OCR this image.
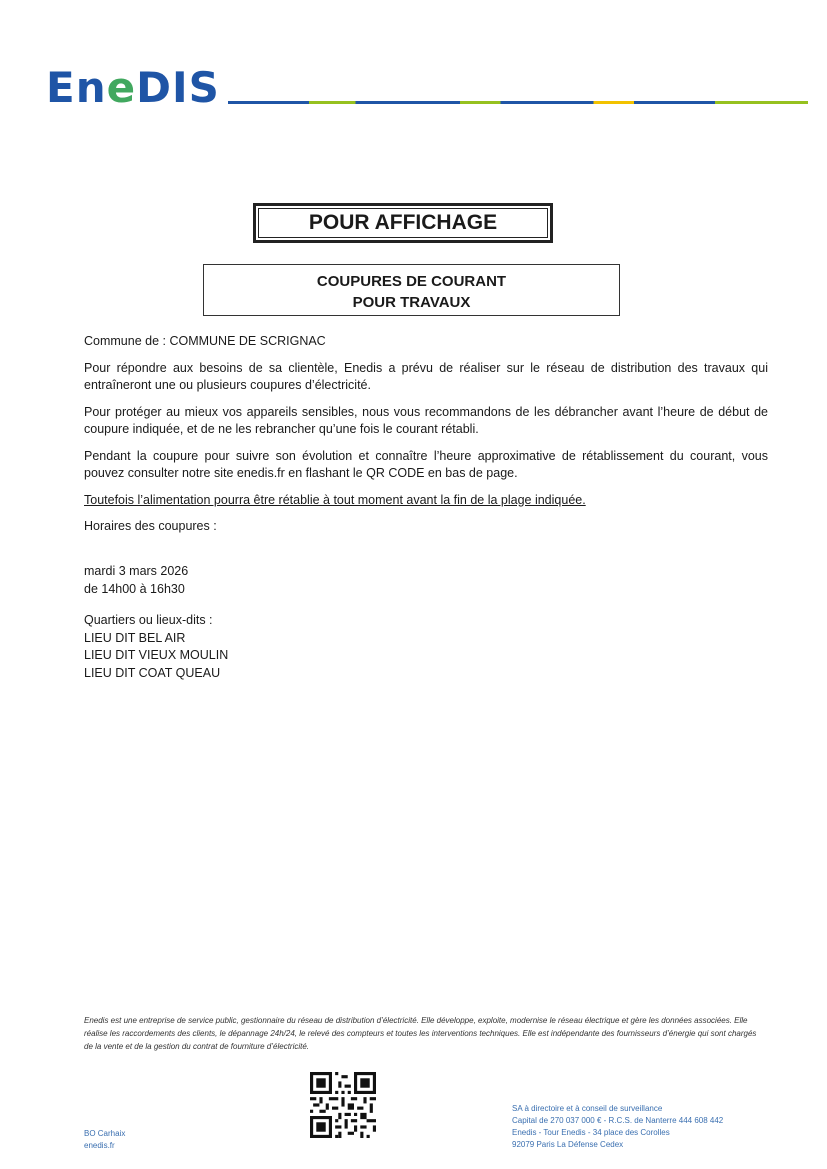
EneDIS
POUR AFFICHAGE
COUPURES DE COURANT
POUR TRAVAUX

Commune de : COMMUNE DE SCRIGNAC

Pour répondre aux besoins de sa clientèle, Enedis a prévu de réaliser sur le réseau de distribution des travaux qui entraîneront une ou plusieurs coupures d’électricité.

Pour protéger au mieux vos appareils sensibles, nous vous recommandons de les débrancher avant l’heure de début de coupure indiquée, et de ne les rebrancher qu’une fois le courant rétabli.

Pendant la coupure pour suivre son évolution et connaître l’heure approximative de rétablissement du courant, vous pouvez consulter notre site enedis.fr en flashant le QR CODE en bas de page.

Toutefois l’alimentation pourra être rétablie à tout moment avant la fin de la plage indiquée.

Horaires des coupures :

mardi 3 mars 2026
de 14h00 à 16h30
Quartiers ou lieux-dits :
LIEU DIT BEL AIR
LIEU DIT VIEUX MOULIN
LIEU DIT COAT QUEAU
Enedis est une entreprise de service public, gestionnaire du réseau de distribution d’électricité. Elle développe, exploite, modernise le réseau électrique et gère les données associées. Elle réalise les raccordements des clients, le dépannage 24h/24, le relevé des compteurs et toutes les interventions techniques. Elle est indépendante des fournisseurs d’énergie qui sont chargés de la vente et de la gestion du contrat de fourniture d’électricité.
BO Carhaix
enedis.fr
SA à directoire et à conseil de surveillance
Capital de 270 037 000 € - R.C.S. de Nanterre 444 608 442
Enedis - Tour Enedis - 34 place des Corolles
92079 Paris La Défense Cedex
